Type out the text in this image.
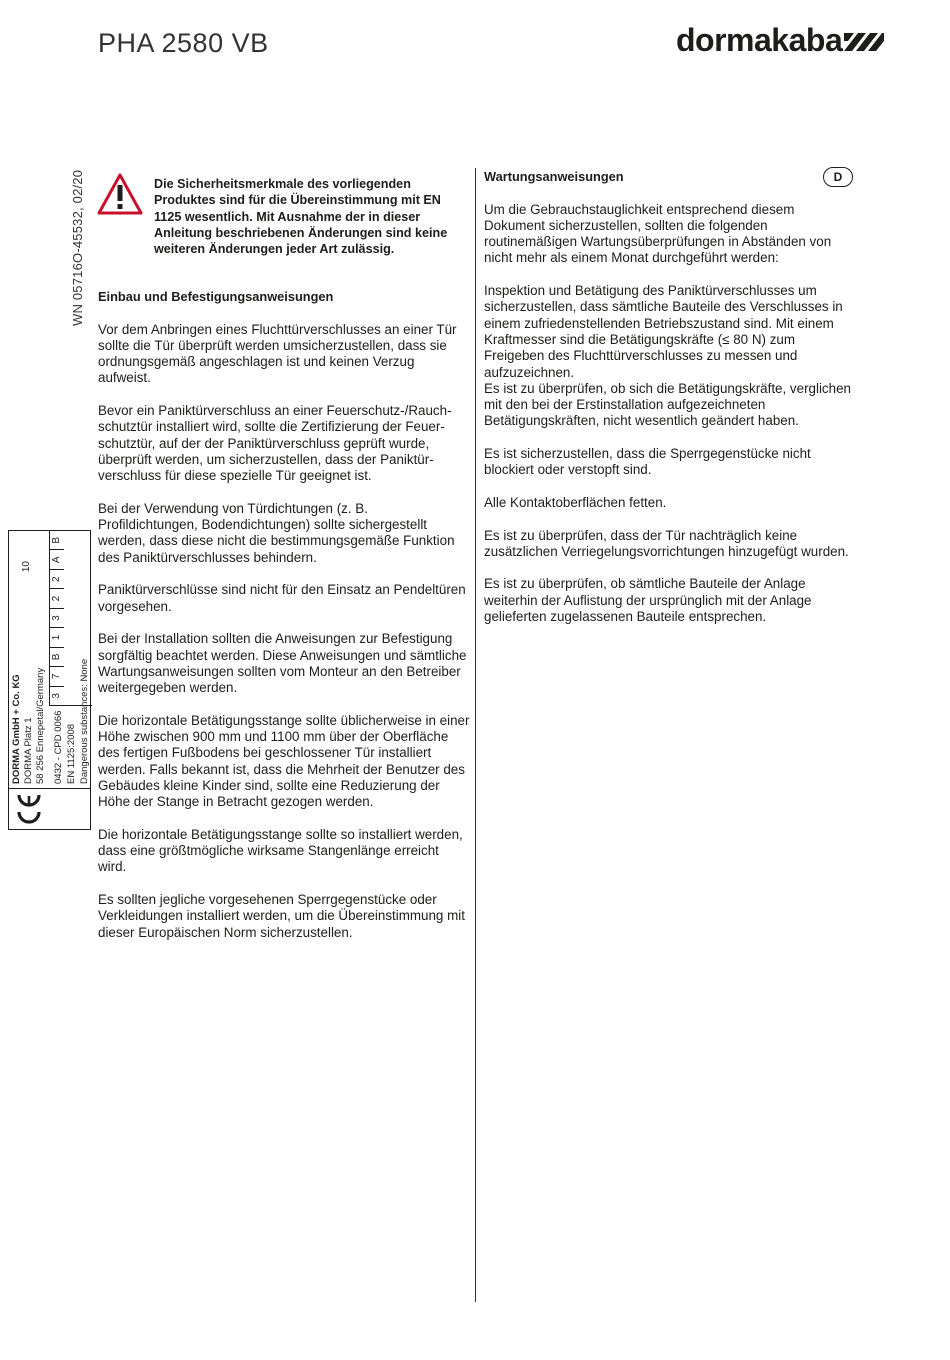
PHA 2580 VB	dormakaba
WN 05716O-45532, 02/20	Die Sicherheitsmerkmale des vorliegenden Produktes sind für die Übereinstimmung mit EN 1125 wesentlich. Mit Ausnahme der in dieser Anleitung beschriebenen Änderungen sind keine weiteren Änderungen jeder Art zulässig.

Einbau und Befestigungsanweisungen

Vor dem Anbringen eines Fluchttürverschlusses an einer Tür sollte die Tür überprüft werden umsicherzustellen, dass sie ordnungsgemäß angeschlagen ist und keinen Verzug aufweist.

Bevor ein Paniktürverschluss an einer Feuerschutz-/Rauch-schutztür installiert wird, sollte die Zertifizierung der Feuer-schutztür, auf der der Paniktürverschluss geprüft wurde, überprüft werden, um sicherzustellen, dass der Paniktür-verschluss für diese spezielle Tür geeignet ist.

Bei der Verwendung von Türdichtungen (z. B. Profildichtungen, Bodendichtungen) sollte sichergestellt werden, dass diese nicht die bestimmungsgemäße Funktion des Paniktürverschlusses behindern.

Paniktürverschlüsse sind nicht für den Einsatz an Pendeltüren vorgesehen.

Bei der Installation sollten die Anweisungen zur Befestigung sorgfältig beachtet werden. Diese Anweisungen und sämtliche Wartungsanweisungen sollten vom Monteur an den Betreiber weitergegeben werden.

Die horizontale Betätigungsstange sollte üblicherweise in einer Höhe zwischen 900 mm und 1100 mm über der Oberfläche des fertigen Fußbodens bei geschlossener Tür installiert werden. Falls bekannt ist, dass die Mehrheit der Benutzer des Gebäudes kleine Kinder sind, sollte eine Reduzierung der Höhe der Stange in Betracht gezogen werden.

Die horizontale Betätigungsstange sollte so installiert werden, dass eine größtmögliche wirksame Stangenlänge erreicht wird.

Es sollten jegliche vorgesehenen Sperrgegenstücke oder Verkleidungen installiert werden, um die Übereinstimmung mit dieser Europäischen Norm sicherzustellen.

Wartungsanweisungen

Um die Gebrauchstauglichkeit entsprechend diesem Dokument sicherzustellen, sollten die folgenden routinemäßigen Wartungsüberprüfungen in Abständen von nicht mehr als einem Monat durchgeführt werden:

Inspektion und Betätigung des Paniktürverschlusses um sicherzustellen, dass sämtliche Bauteile des Verschlusses in einem zufriedenstellenden Betriebszustand sind. Mit einem Kraftmesser sind die Betätigungskräfte (≤ 80 N) zum Freigeben des Fluchttürverschlusses zu messen und aufzuzeichnen.
Es ist zu überprüfen, ob sich die Betätigungskräfte, verglichen mit den bei der Erstinstallation aufgezeichneten Betätigungskräften, nicht wesentlich geändert haben.

Es ist sicherzustellen, dass die Sperrgegenstücke nicht blockiert oder verstopft sind.

Alle Kontaktoberflächen fetten.

Es ist zu überprüfen, dass der Tür nachträglich keine zusätzlichen Verriegelungsvorrichtungen hinzugefügt wurden.

Es ist zu überprüfen, ob sämtliche Bauteile der Anlage weiterhin der Auflistung der ursprünglich mit der Anlage gelieferten zugelassenen Bauteile entsprechen.

D
DORMA GmbH + Co. KG DORMA Platz 1 58 256 Ennepetal/Germany
10
0432 - CPD 0066 EN 1125:2008 Dangerous substances: None
3
7
B
1
3
2
2
A
B
